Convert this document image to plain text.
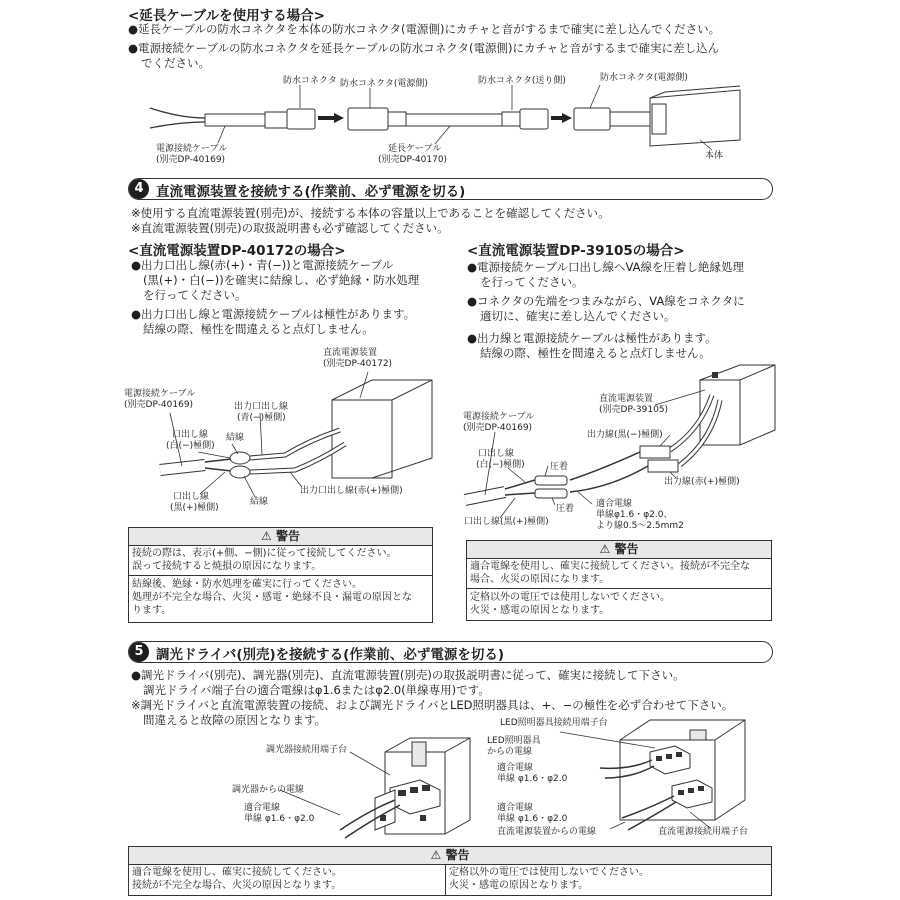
<延長ケーブルを使用する場合>
●延長ケーブルの防水コネクタを本体の防水コネクタ(電源側)にカチャと音がするまで確実に差し込んでください。
●電源接続ケーブルの防水コネクタを延長ケーブルの防水コネクタ(電源側)にカチャと音がするまで確実に差し込ん
でください。
防水コネクタ 防水コネクタ(電源側)	防水コネクタ(送り側)	防水コネクタ(電源側)
電源接続ケーブル
(別売DP-40169)
延長ケーブル
(別売DP-40170)	本体
4 直流電源装置を接続する(作業前、必ず電源を切る)
※使用する直流電源装置(別売)が、接続する本体の容量以上であることを確認してください。
※直流電源装置(別売)の取扱説明書も必ず確認してください。
<直流電源装置DP-40172の場合>
●出力口出し線(赤(+)・青(−))と電源接続ケーブル
(黒(+)・白(−))を確実に結線し、必ず絶縁・防水処理
を行ってください。
●出力口出し線と電源接続ケーブルは極性があります。
結線の際、極性を間違えると点灯しません。
直流電源装置
(別売DP-40172)
電源接続ケーブル
(別売DP-40169)	出力口出し線
(青(−)極側)
口出し線
(白(−)極側)
結線
口出し線
(黒(+)極側)
結線
出力口出し線(赤(+)極側)
⚠ 警告
接続の際は、表示(+側、−側)に従って接続してください。
誤って接続すると焼損の原因になります。
結線後、絶縁・防水処理を確実に行ってください。
処理が不完全な場合、火災・感電・絶縁不良・漏電の原因とな
ります。
<直流電源装置DP-39105の場合>
●電源接続ケーブル口出し線へVA線を圧着し絶縁処理
を行ってください。
●コネクタの先端をつまみながら、VA線をコネクタに
適切に、確実に差し込んでください。
●出力線と電源接続ケーブルは極性があります。
結線の際、極性を間違えると点灯しません。
直流電源装置
(別売DP-39105)
電源接続ケーブル
(別売DP-40169)
出力線(黒(−)極側)
口出し線
(白(−)極側)	圧着
出力線(赤(+)極側)
適合電線
圧着
単線φ1.6・φ2.0、
より線0.5〜2.5mm2
口出し線(黒(+)極側)
⚠ 警告
適合電線を使用し、確実に接続してください。接続が不完全な
場合、火災の原因になります。
定格以外の電圧では使用しないでください。
火災・感電の原因となります。
5 調光ドライバ(別売)を接続する(作業前、必ず電源を切る)
●調光ドライバ(別売)、調光器(別売)、直流電源装置(別売)の取扱説明書に従って、確実に接続して下さい。
調光ドライバ端子台の適合電線はφ1.6またはφ2.0(単線専用)です。
※調光ドライバと直流電源装置の接続、および調光ドライバとLED照明器具は、+、−の極性を必ず合わせて下さい。
間違えると故障の原因となります。
調光器接続用端子台
調光器からの電線
適合電線
単線 φ1.6・φ2.0
LED照明器具接続用端子台
LED照明器具
からの電線
適合電線
単線 φ1.6・φ2.0
適合電線
単線 φ1.6・φ2.0
直流電源装置からの電線	直流電源接続用端子台
⚠ 警告
適合電線を使用し、確実に接続してください。
接続が不完全な場合、火災の原因となります。
定格以外の電圧では使用しないでください。
火災・感電の原因となります。
